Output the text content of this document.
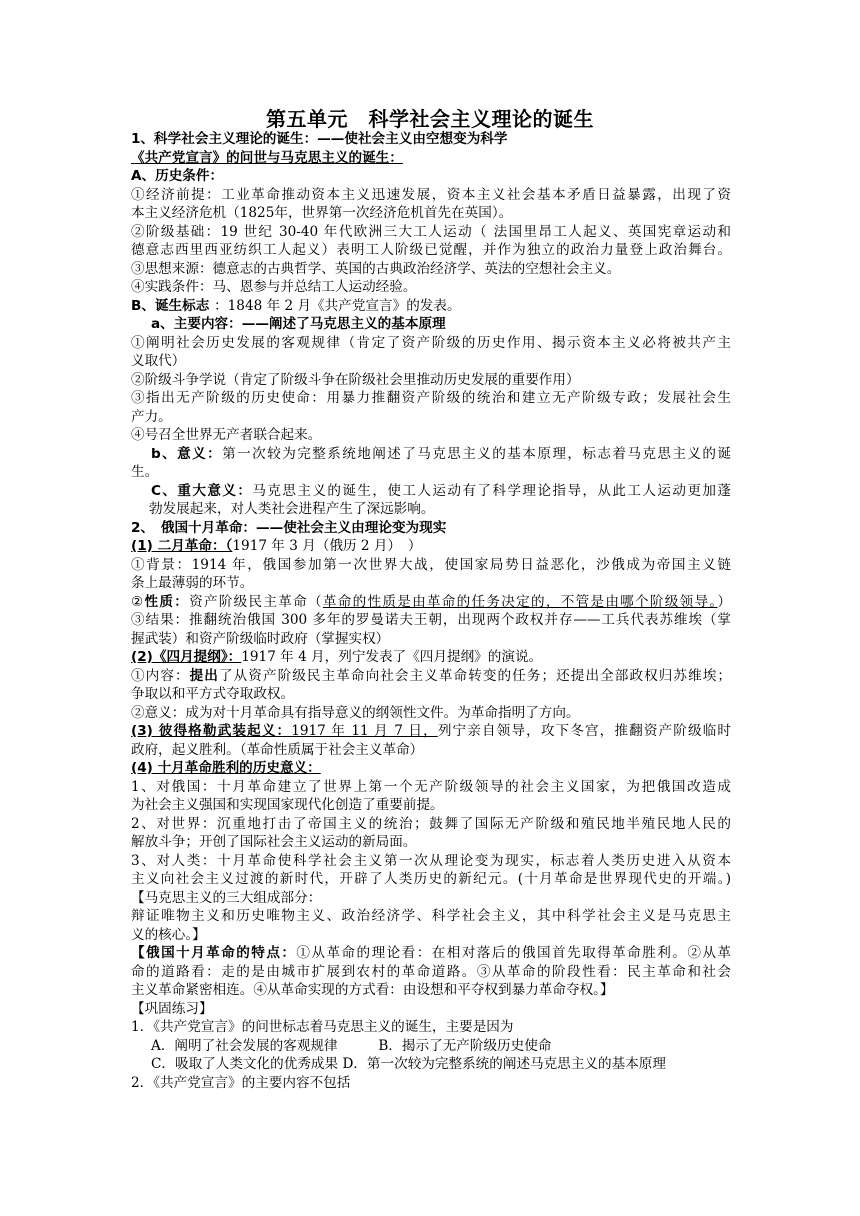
第五单元　科学社会主义理论的诞生
1、科学社会主义理论的诞生：——使社会主义由空想变为科学
《共产党宣言》的问世与马克思主义的诞生：
A、历史条件：
①经济前提：工业革命推动资本主义迅速发展，资本主义社会基本矛盾日益暴露，出现了资
本主义经济危机（1825年，世界第一次经济危机首先在英国）。
②阶级基础：19 世纪 30-40 年代欧洲三大工人运动（ 法国里昂工人起义、英国宪章运动和
德意志西里西亚纺织工人起义）表明工人阶级已觉醒，并作为独立的政治力量登上政治舞台。
③思想来源：德意志的古典哲学、英国的古典政治经济学、英法的空想社会主义。
④实践条件：马、恩参与并总结工人运动经验。
B、诞生标志 ：1848 年 2 月《共产党宣言》的发表。
a、主要内容：——阐述了马克思主义的基本原理
①阐明社会历史发展的客观规律（肯定了资产阶级的历史作用、揭示资本主义必将被共产主
义取代）
②阶级斗争学说（肯定了阶级斗争在阶级社会里推动历史发展的重要作用）
③指出无产阶级的历史使命：用暴力推翻资产阶级的统治和建立无产阶级专政；发展社会生
产力。
④号召全世界无产者联合起来。
b、意义：第一次较为完整系统地阐述了马克思主义的基本原理，标志着马克思主义的诞
生。
C、重大意义：马克思主义的诞生，使工人运动有了科学理论指导，从此工人运动更加蓬
勃发展起来，对人类社会进程产生了深远影响。
2、　俄国十月革命：——使社会主义由理论变为现实
(1) 二月革命：（1917 年 3 月（俄历 2 月）　）
①背景：1914 年，俄国参加第一次世界大战，使国家局势日益恶化，沙俄成为帝国主义链
条上最薄弱的环节。
②性质：资产阶级民主革命（革命的性质是由革命的任务决定的，不管是由哪个阶级领导。）
③结果：推翻统治俄国 300 多年的罗曼诺夫王朝，出现两个政权并存——工兵代表苏维埃（掌
握武装）和资产阶级临时政府（掌握实权）
(2)《四月提纲》：1917 年 4 月，列宁发表了《四月提纲》的演说。
①内容：提出了从资产阶级民主革命向社会主义革命转变的任务；还提出全部政权归苏维埃；
争取以和平方式夺取政权。
②意义：成为对十月革命具有指导意义的纲领性文件。为革命指明了方向。
(3) 彼得格勒武装起义：1917 年 11 月 7 日，列宁亲自领导，攻下冬宫，推翻资产阶级临时
政府，起义胜利。（革命性质属于社会主义革命）
(4) 十月革命胜利的历史意义：
1、对俄国：十月革命建立了世界上第一个无产阶级领导的社会主义国家，为把俄国改造成
为社会主义强国和实现国家现代化创造了重要前提。
2、对世界：沉重地打击了帝国主义的统治；鼓舞了国际无产阶级和殖民地半殖民地人民的
解放斗争；开创了国际社会主义运动的新局面。
3、对人类：十月革命使科学社会主义第一次从理论变为现实，标志着人类历史进入从资本
主义向社会主义过渡的新时代，开辟了人类历史的新纪元。(十月革命是世界现代史的开端。)
【马克思主义的三大组成部分：
辩证唯物主义和历史唯物主义、政治经济学、科学社会主义，其中科学社会主义是马克思主
义的核心。】
【俄国十月革命的特点：①从革命的理论看：在相对落后的俄国首先取得革命胜利。②从革
命的道路看：走的是由城市扩展到农村的革命道路。③从革命的阶段性看：民主革命和社会
主义革命紧密相连。④从革命实现的方式看：由设想和平夺权到暴力革命夺权。】
【巩固练习】
1．《共产党宣言》的问世标志着马克思主义的诞生，主要是因为
A．阐明了社会发展的客观规律　　　B．揭示了无产阶级历史使命
C．吸取了人类文化的优秀成果 D．第一次较为完整系统的阐述马克思主义的基本原理
2．《共产党宣言》的主要内容不包括
